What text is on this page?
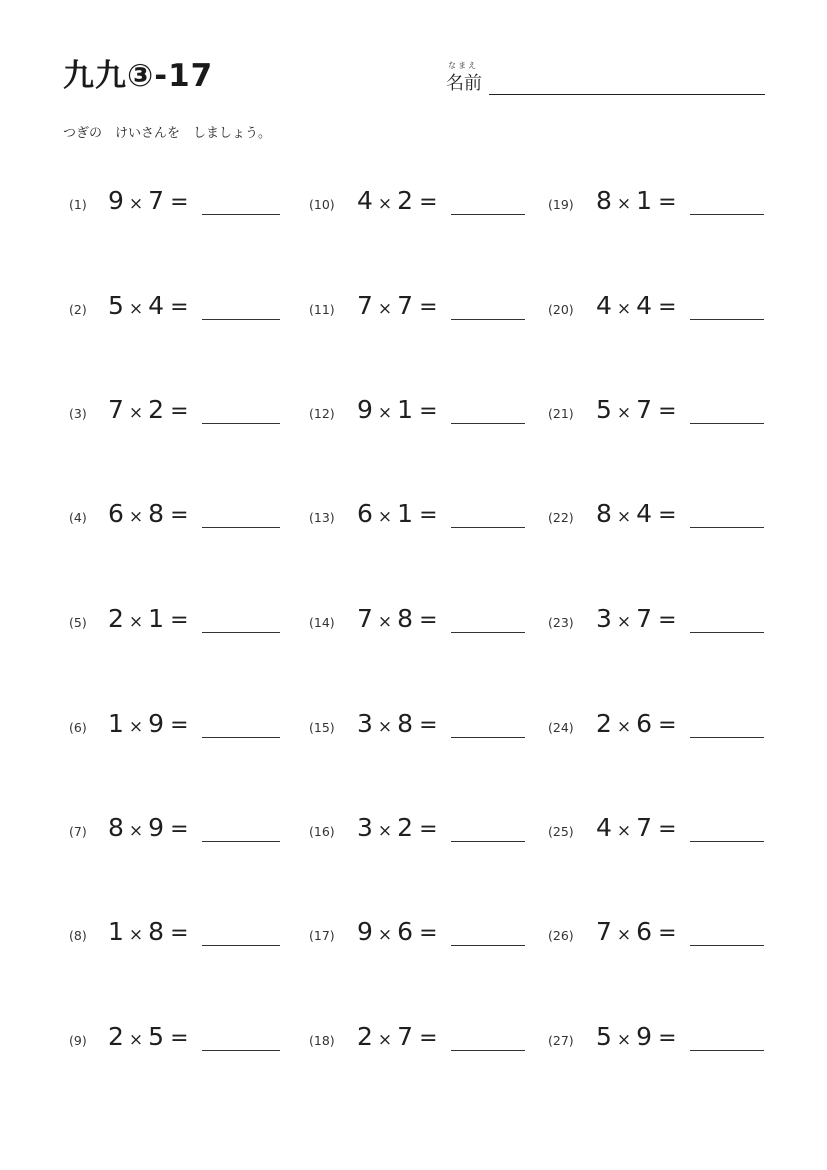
九九③-17	なまえ
名前
つぎの　けいさんを　しましょう。
(1) 9 × 7 =
(2) 5 × 4 =
(3) 7 × 2 =
(4) 6 × 8 =
(5) 2 × 1 =
(6) 1 × 9 =
(7) 8 × 9 =
(8) 1 × 8 =
(9) 2 × 5 =
(10) 4 × 2 =
(11) 7 × 7 =
(12) 9 × 1 =
(13) 6 × 1 =
(14) 7 × 8 =
(15) 3 × 8 =
(16) 3 × 2 =
(17) 9 × 6 =
(18) 2 × 7 =
(19) 8 × 1 =
(20) 4 × 4 =
(21) 5 × 7 =
(22) 8 × 4 =
(23) 3 × 7 =
(24) 2 × 6 =
(25) 4 × 7 =
(26) 7 × 6 =
(27) 5 × 9 =
